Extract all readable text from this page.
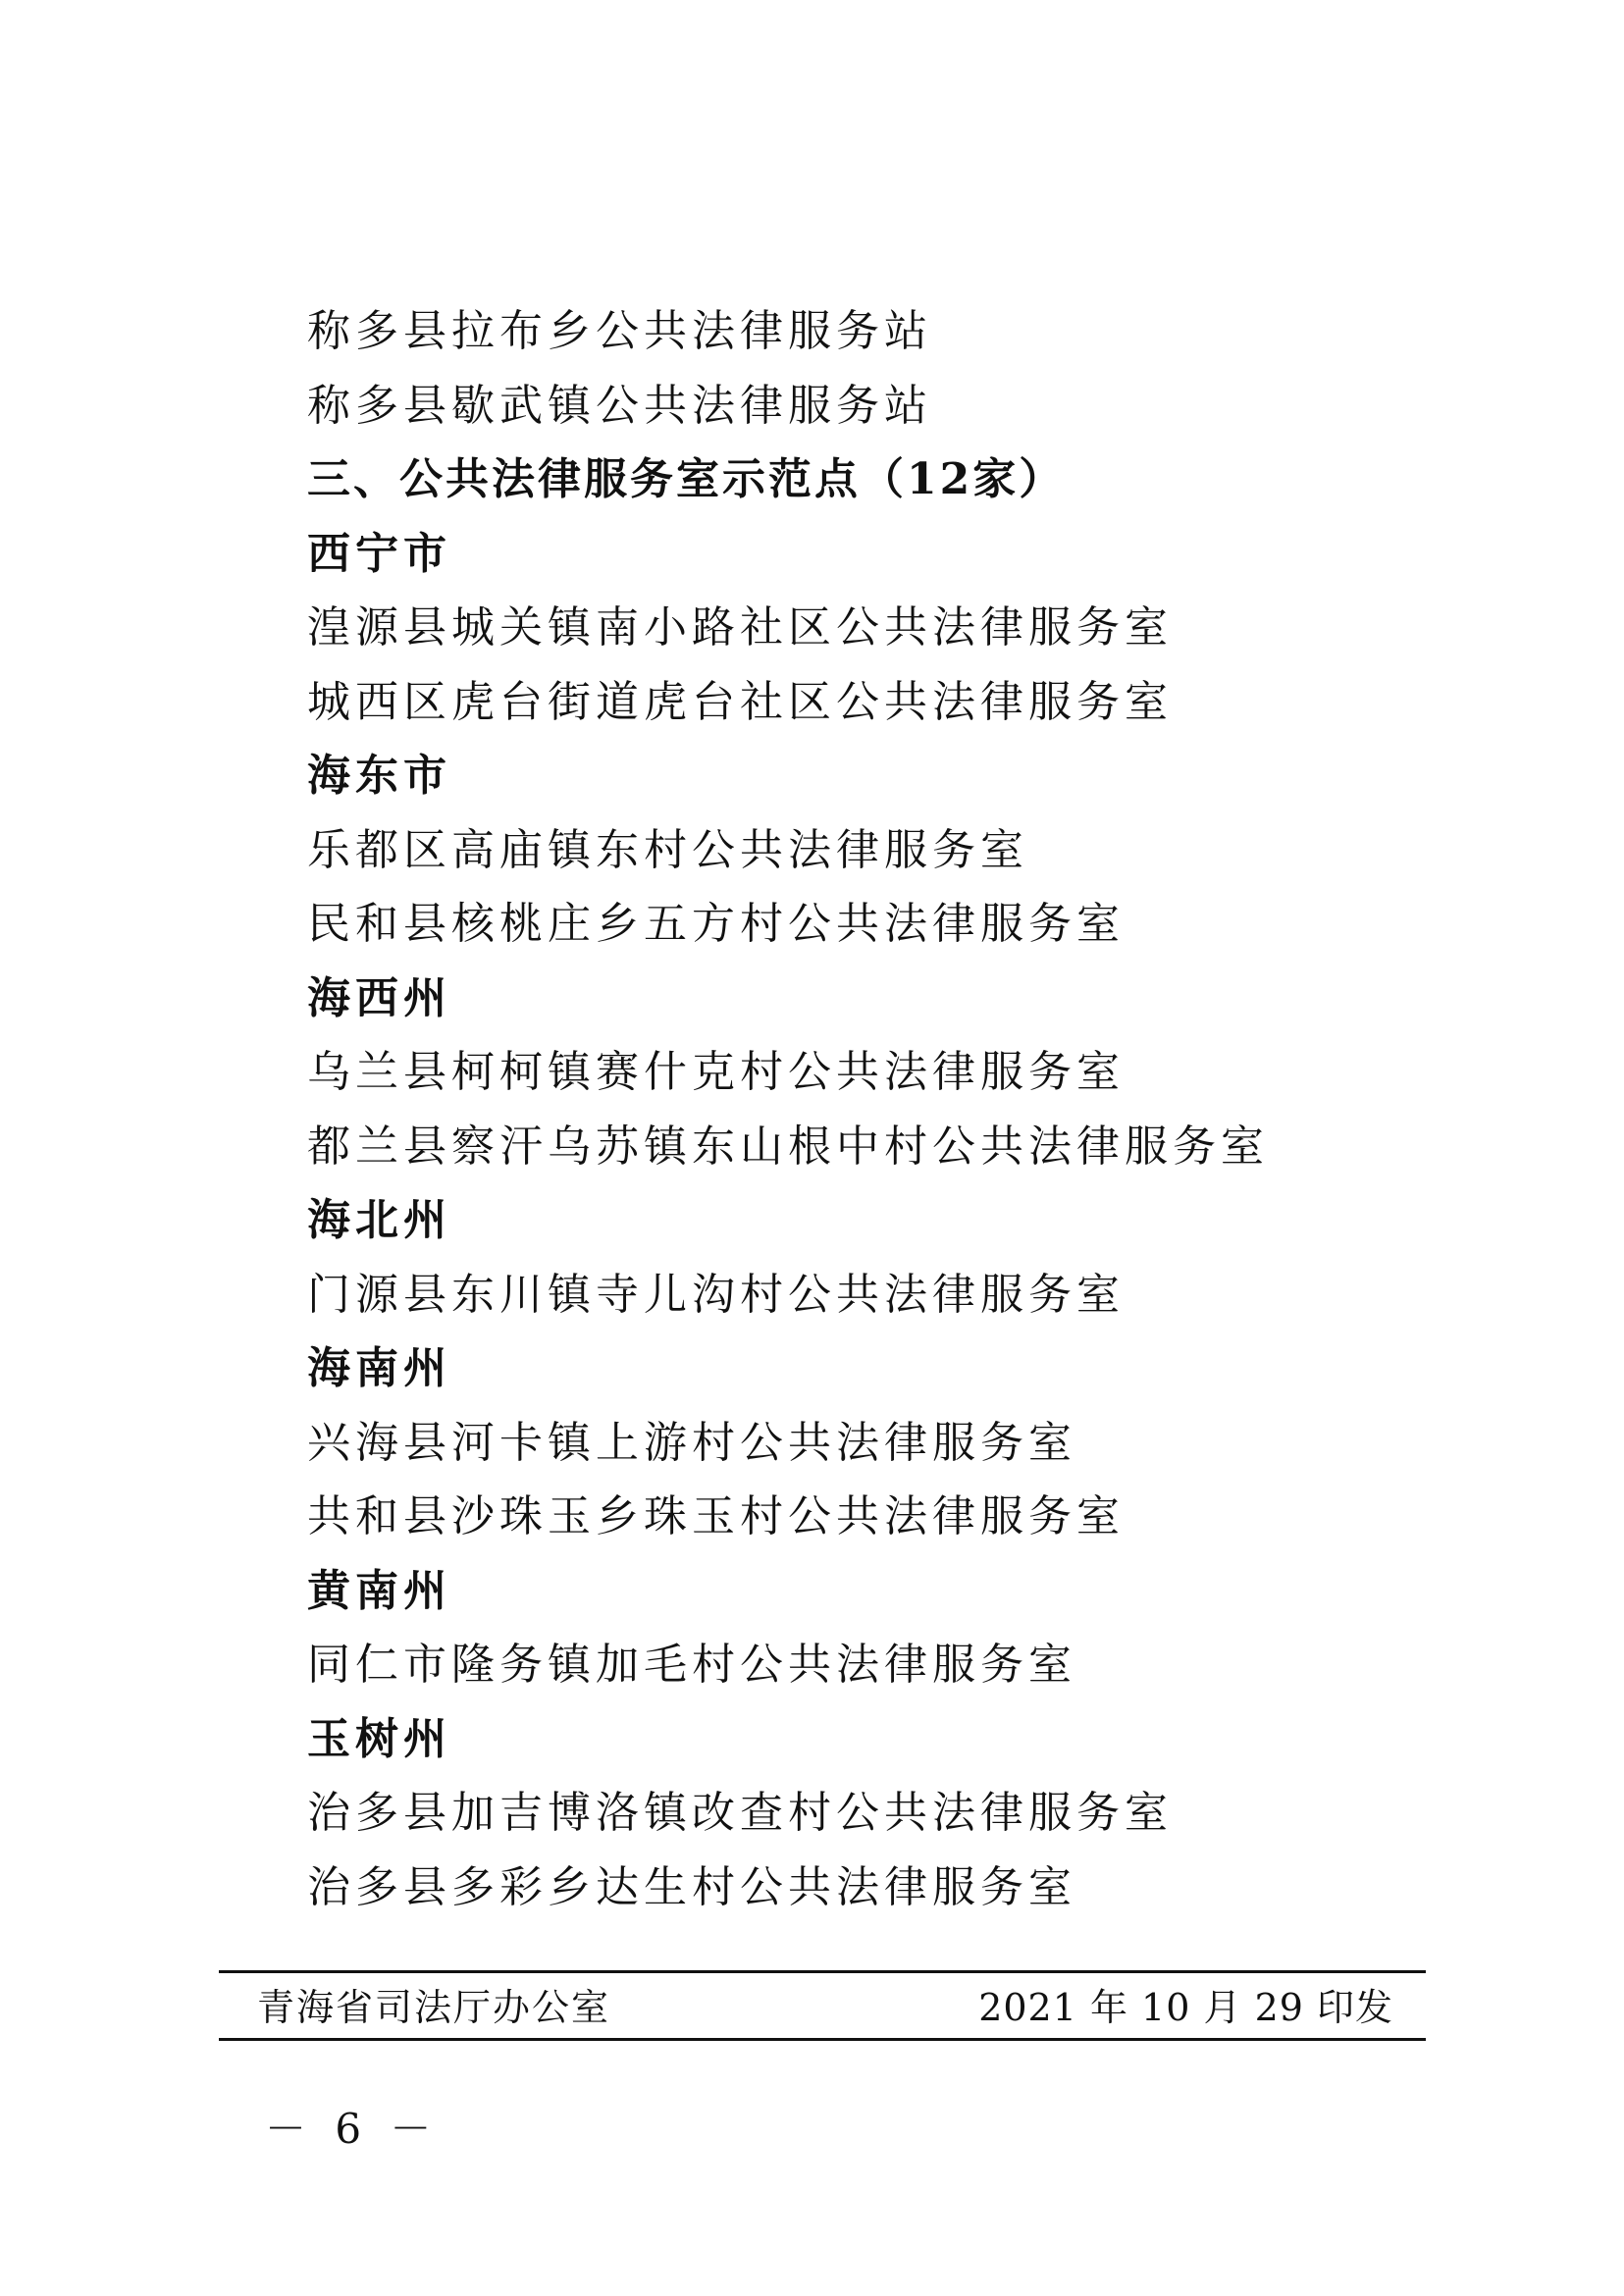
称多县拉布乡公共法律服务站
称多县歇武镇公共法律服务站
三、公共法律服务室示范点（12家）
西宁市
湟源县城关镇南小路社区公共法律服务室
城西区虎台街道虎台社区公共法律服务室
海东市
乐都区高庙镇东村公共法律服务室
民和县核桃庄乡五方村公共法律服务室
海西州
乌兰县柯柯镇赛什克村公共法律服务室
都兰县察汗乌苏镇东山根中村公共法律服务室
海北州
门源县东川镇寺儿沟村公共法律服务室
海南州
兴海县河卡镇上游村公共法律服务室
共和县沙珠玉乡珠玉村公共法律服务室
黄南州
同仁市隆务镇加毛村公共法律服务室
玉树州
治多县加吉博洛镇改查村公共法律服务室
治多县多彩乡达生村公共法律服务室
青海省司法厅办公室	2021 年 10 月 29 印发
－ 6 －
